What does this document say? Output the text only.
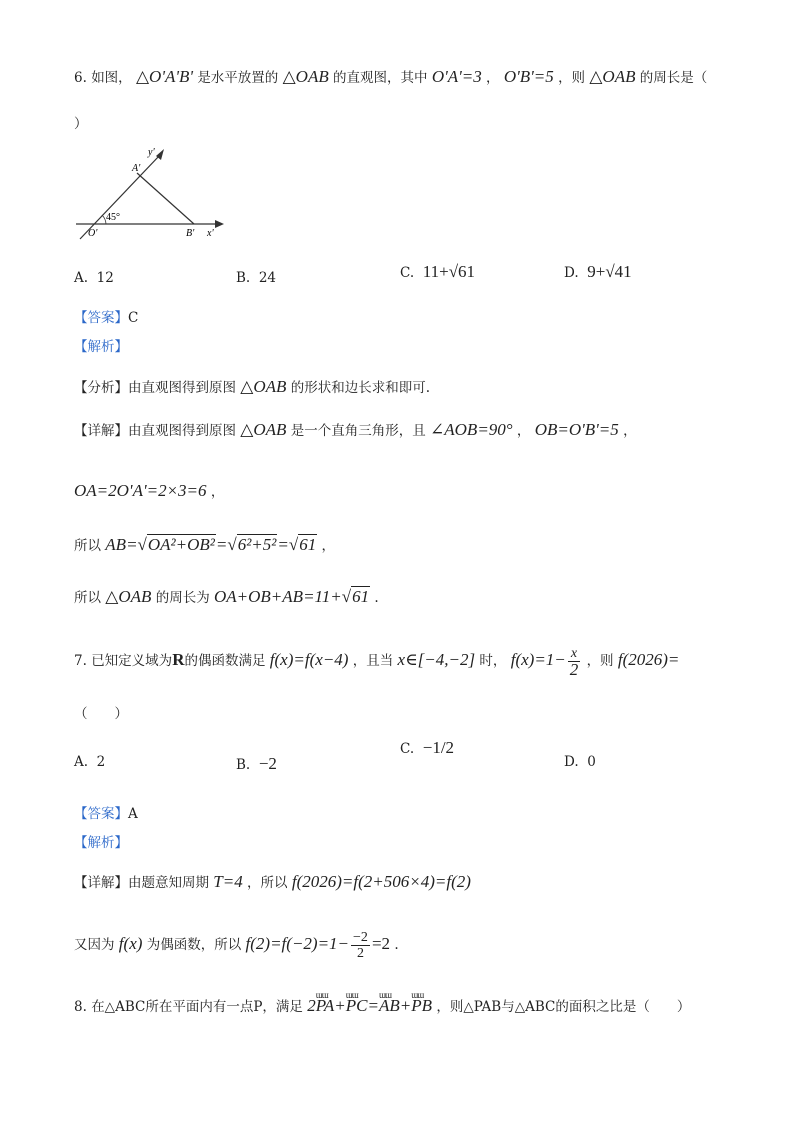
6. 如图， △O'A'B' 是水平放置的 △OAB 的直观图，其中 O'A'=3 ， O'B'=5 ，则 △OAB 的周长是（
）
y'
A'
45°
O'	B' x'
A. 12	B. 24	C. 11+√61	D. 9+√41
【答案】C
【解析】
【分析】由直观图得到原图 △OAB 的形状和边长求和即可.
【详解】由直观图得到原图 △OAB 是一个直角三角形，且 ∠AOB=90° ， OB=O'B'=5 ，
OA=2O'A'=2×3=6 ，
所以 AB=√OA²+OB²=√6²+5²=√61 ，
所以 △OAB 的周长为 OA+OB+AB=11+√61 .
7. 已知定义域为R的偶函数满足 f(x)=f(x−4) ，且当 x∈[−4,−2] 时， $f(x)=1- \frac{x}{2}$ ，则 f(2026)=
（　　）
A. 2	B. −2
C. −1/2
D. 0
【答案】A
【解析】
【详解】由题意知周期 T=4 ，所以 f(2026)=f(2+506×4)=f(2)
又因为 f(x) 为偶函数，所以 $f(2)=f(-2)=1- \frac{-2}{2} =2$ .
8. 在△ABC所在平面内有一点P，满足 2ɯɯ PA+ɯɯ PC=ɯɯ AB+ɯɯ PB ，则△PAB与△ABC的面积之比是（　　）
